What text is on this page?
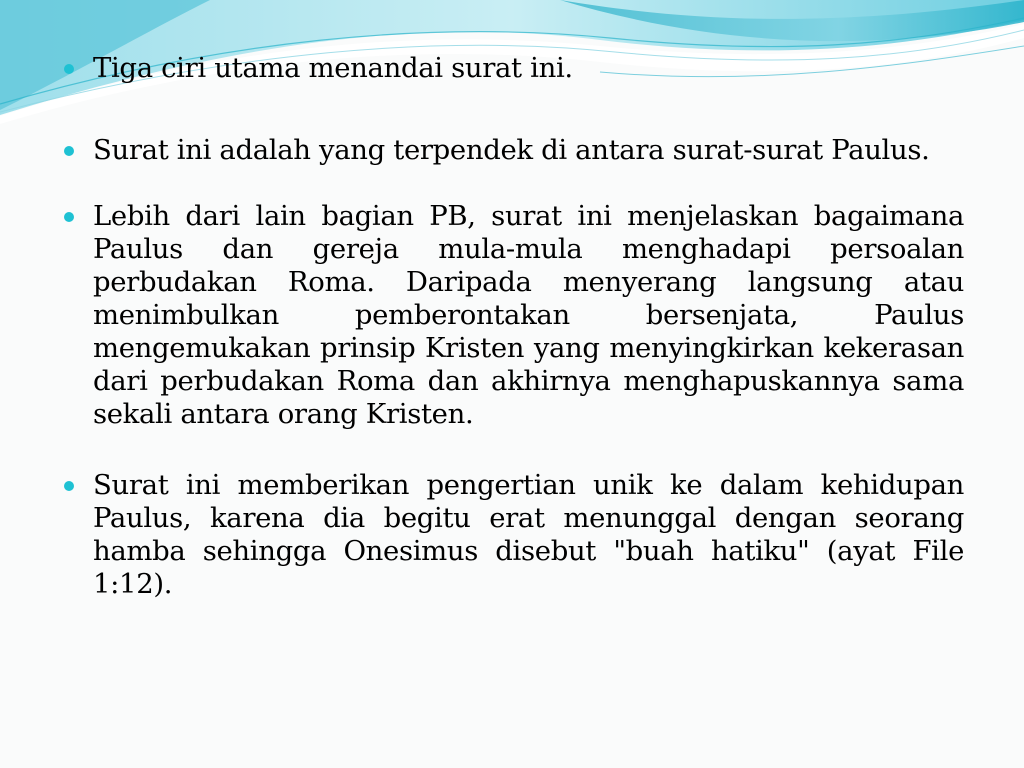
Tiga ciri utama menandai surat ini.
Surat ini adalah yang terpendek di antara surat-surat Paulus.
Lebih dari lain bagian PB, surat ini menjelaskan bagaimana Paulus dan gereja mula-mula menghadapi persoalan perbudakan Roma. Daripada menyerang langsung atau menimbulkan pemberontakan bersenjata, Paulus mengemukakan prinsip Kristen yang menyingkirkan kekerasan dari perbudakan Roma dan akhirnya menghapuskannya sama sekali antara orang Kristen.
Surat ini memberikan pengertian unik ke dalam kehidupan Paulus, karena dia begitu erat menunggal dengan seorang hamba sehingga Onesimus disebut "buah hatiku" (ayat File 1:12).
